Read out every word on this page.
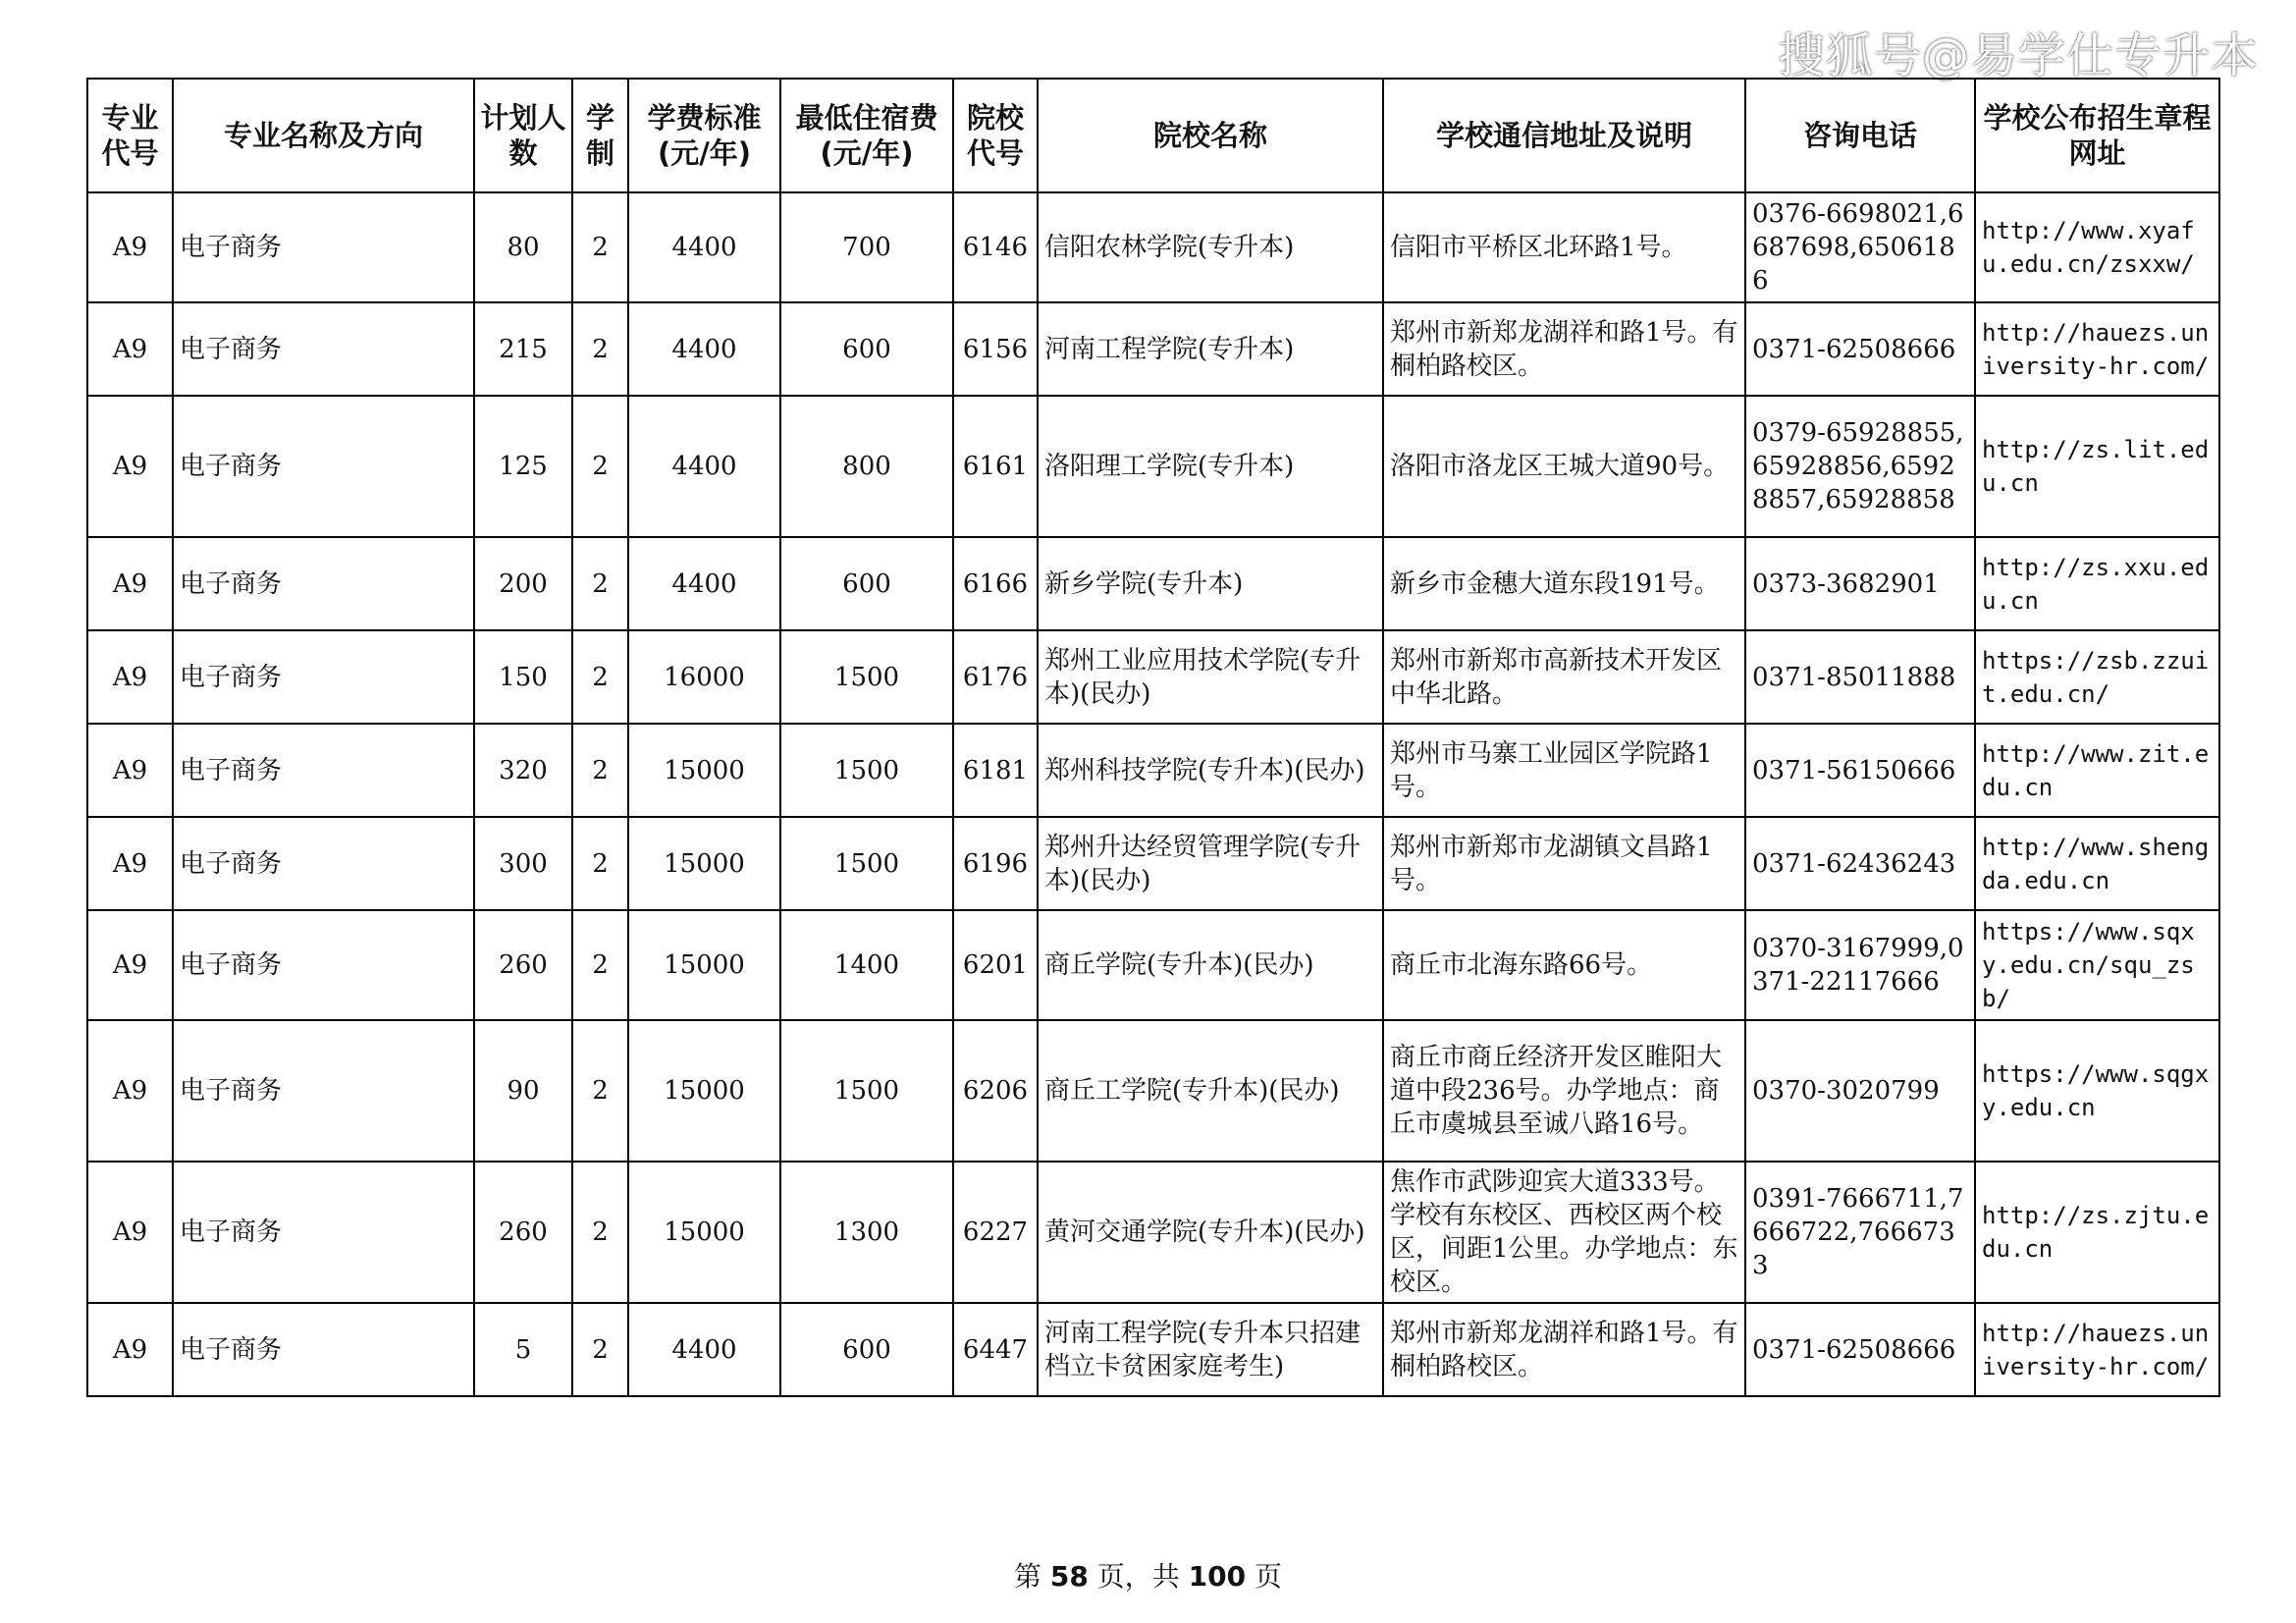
搜狐号@易学仕专升本
专业代号	专业名称及方向	计划人数	学制	学费标准(元/年)	最低住宿费(元/年)	院校代号	院校名称	学校通信地址及说明	咨询电话	学校公布招生章程网址
A9	电子商务	80	2	4400	700	6146	信阳农林学院(专升本)	信阳市平桥区北环路1号。	0376-6698021,6687698,6506186	http://www.xyafu.edu.cn/zsxxw/
A9	电子商务	215	2	4400	600	6156	河南工程学院(专升本)	郑州市新郑龙湖祥和路1号。有桐柏路校区。	0371-62508666	http://hauezs.university-hr.com/
A9	电子商务	125	2	4400	800	6161	洛阳理工学院(专升本)	洛阳市洛龙区王城大道90号。	0379-65928855,65928856,65928857,65928858	http://zs.lit.edu.cn
A9	电子商务	200	2	4400	600	6166	新乡学院(专升本)	新乡市金穗大道东段191号。	0373-3682901	http://zs.xxu.edu.cn
A9	电子商务	150	2	16000	1500	6176	郑州工业应用技术学院(专升本)(民办)	郑州市新郑市高新技术开发区中华北路。	0371-85011888	https://zsb.zzuit.edu.cn/
A9	电子商务	320	2	15000	1500	6181	郑州科技学院(专升本)(民办)	郑州市马寨工业园区学院路1号。	0371-56150666	http://www.zit.edu.cn
A9	电子商务	300	2	15000	1500	6196	郑州升达经贸管理学院(专升本)(民办)	郑州市新郑市龙湖镇文昌路1号。	0371-62436243	http://www.shengda.edu.cn
A9	电子商务	260	2	15000	1400	6201	商丘学院(专升本)(民办)	商丘市北海东路66号。	0370-3167999,0371-22117666	https://www.sqxy.edu.cn/squ_zsb/
A9	电子商务	90	2	15000	1500	6206	商丘工学院(专升本)(民办)	商丘市商丘经济开发区睢阳大道中段236号。办学地点：商丘市虞城县至诚八路16号。	0370-3020799	https://www.sqgxy.edu.cn
A9	电子商务	260	2	15000	1300	6227	黄河交通学院(专升本)(民办)	焦作市武陟迎宾大道333号。学校有东校区、西校区两个校区，间距1公里。办学地点：东校区。	0391-7666711,7666722,7666733	http://zs.zjtu.edu.cn
A9	电子商务	5	2	4400	600	6447	河南工程学院(专升本只招建档立卡贫困家庭考生)	郑州市新郑龙湖祥和路1号。有桐柏路校区。	0371-62508666	http://hauezs.university-hr.com/
第 58 页，共 100 页
